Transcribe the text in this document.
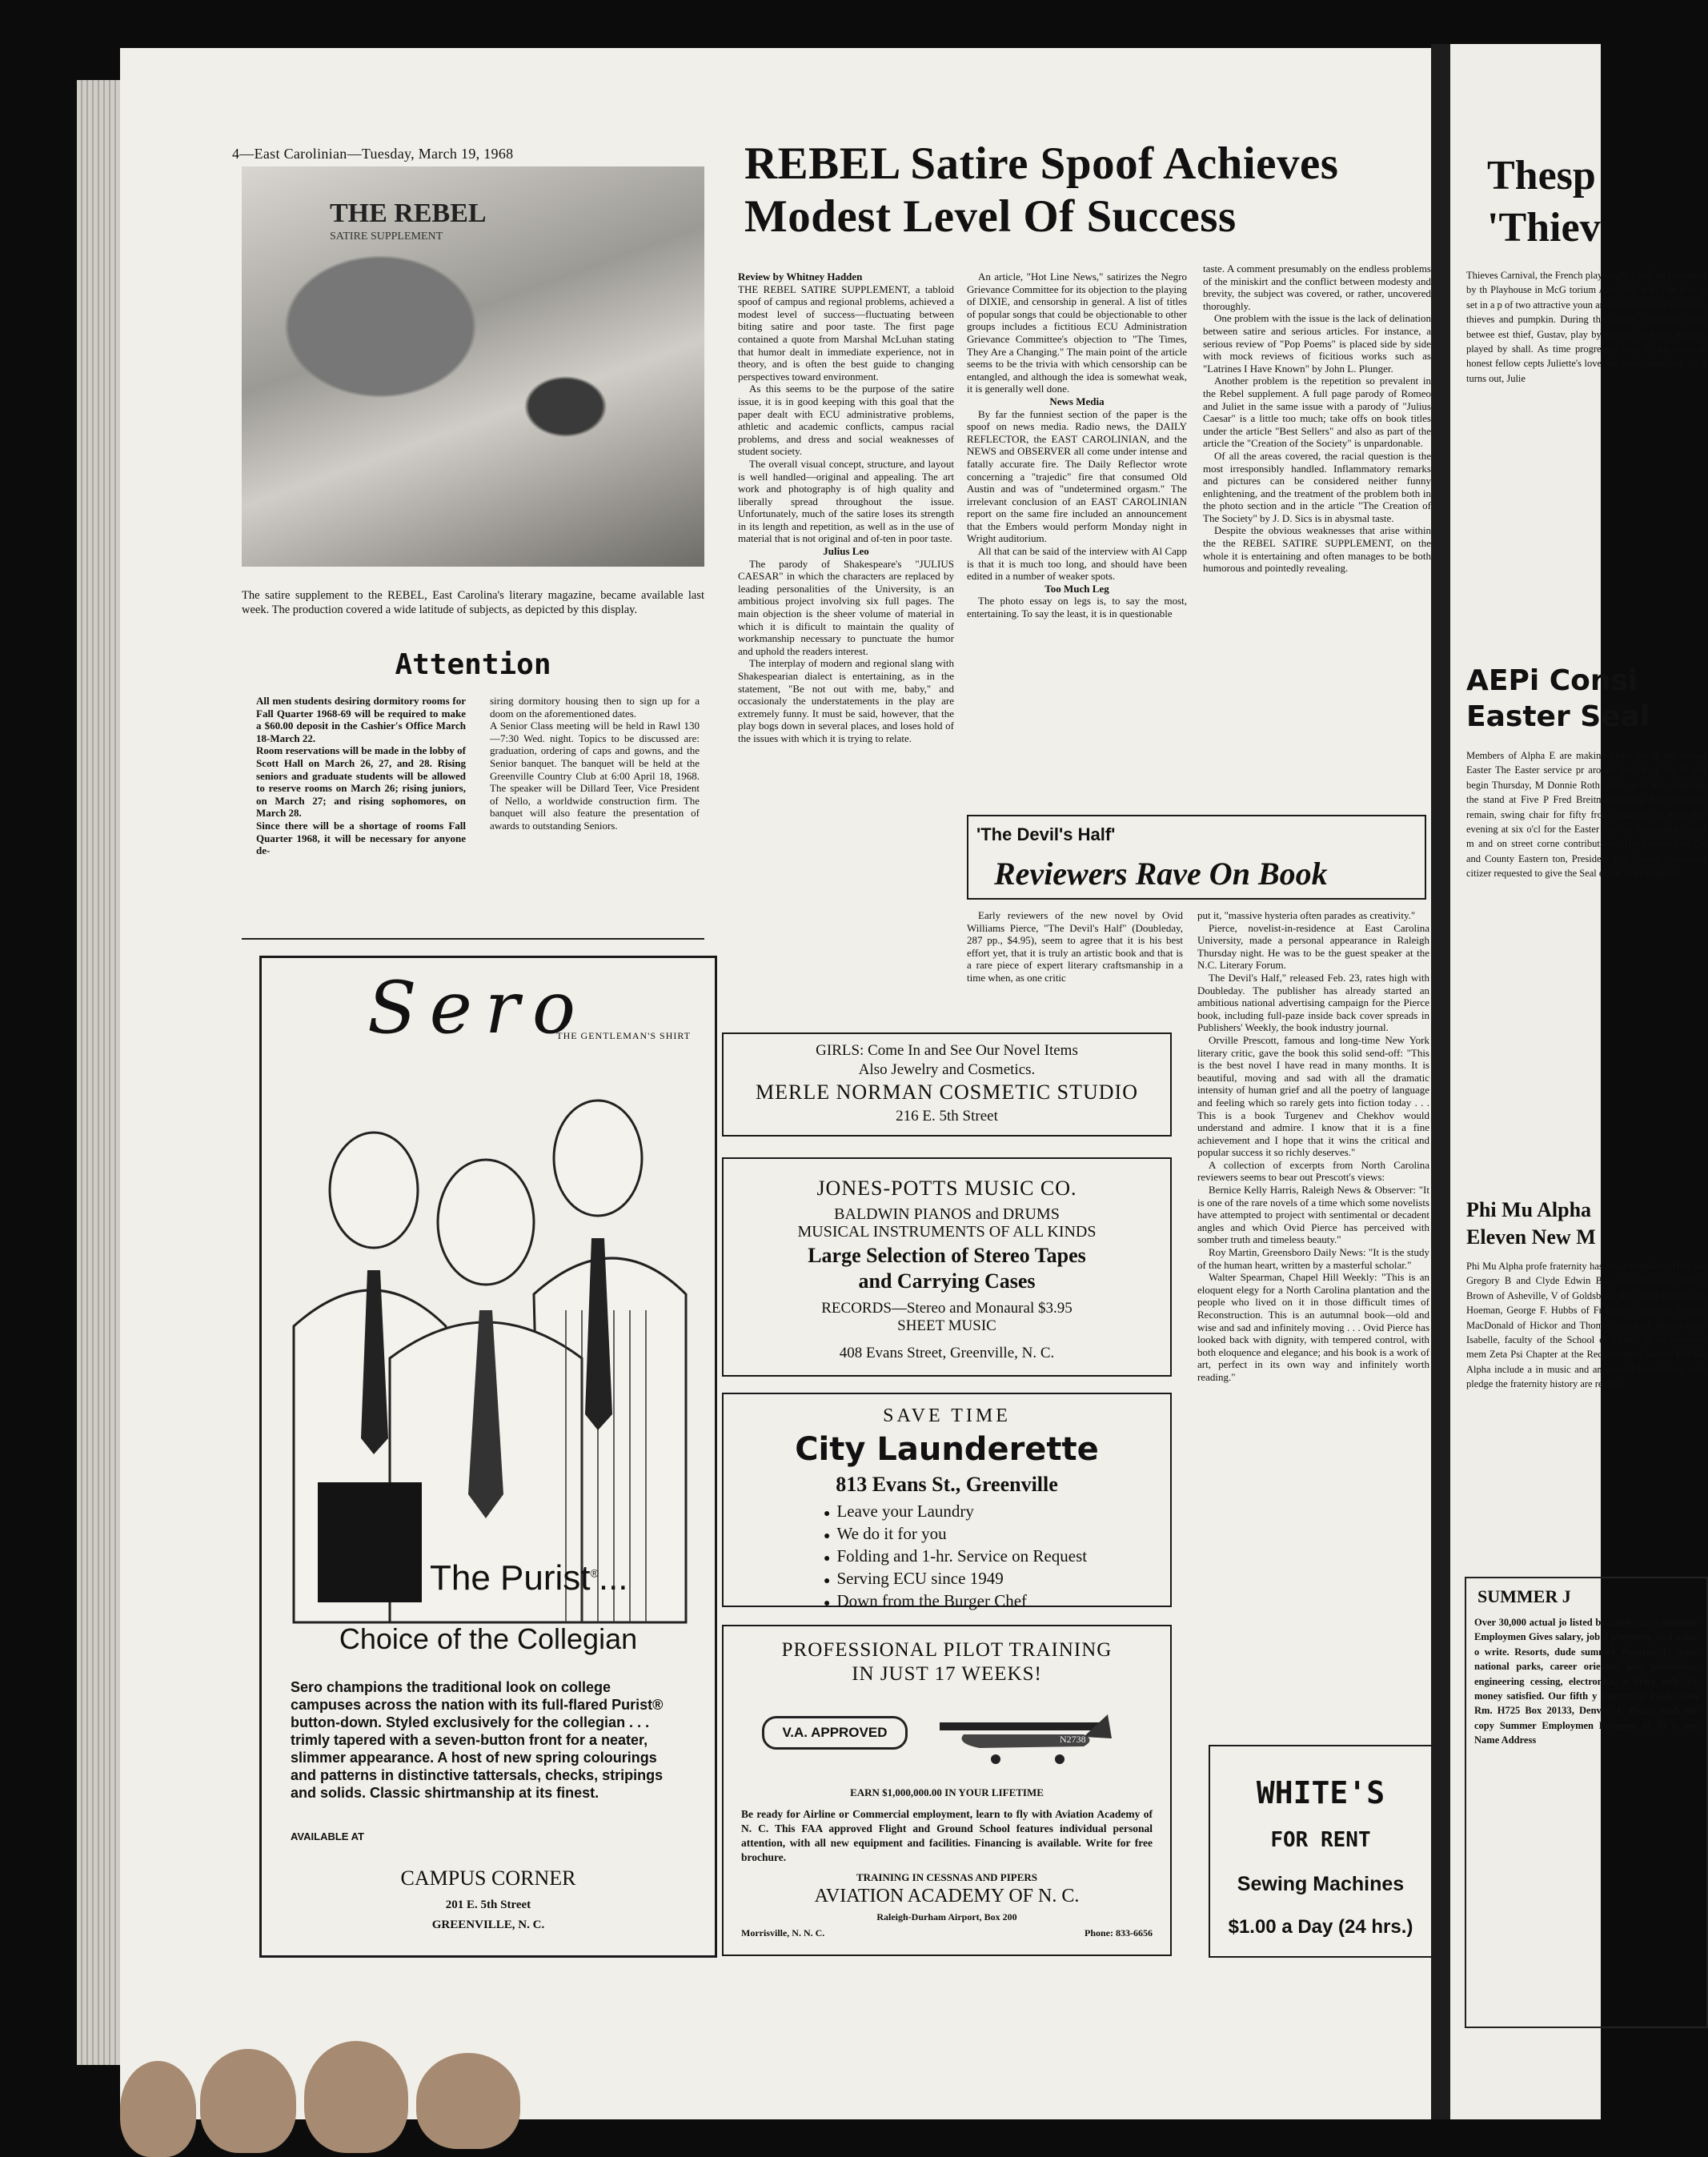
4—East Carolinian—Tuesday, March 19, 1968
THE REBEL
SATIRE SUPPLEMENT
The satire supplement to the REBEL, East Carolina's literary magazine, became available last week. The production covered a wide latitude of subjects, as depicted by this display.
Attention

All men students desiring dormitory rooms for Fall Quarter 1968-69 will be required to make a $60.00 deposit in the Cashier's Office March 18-March 22.

Room reservations will be made in the lobby of Scott Hall on March 26, 27, and 28. Rising seniors and graduate students will be allowed to reserve rooms on March 26; rising juniors, on March 27; and rising sophomores, on March 28.

Since there will be a shortage of rooms Fall Quarter 1968, it will be necessary for anyone de-

siring dormitory housing then to sign up for a doom on the aforementioned dates.

A Senior Class meeting will be held in Rawl 130—7:30 Wed. night. Topics to be discussed are: graduation, ordering of caps and gowns, and the Senior banquet. The banquet will be held at the Greenville Country Club at 6:00 April 18, 1968. The speaker will be Dillard Teer, Vice President of Nello, a worldwide construction firm. The banquet will also feature the presentation of awards to outstanding Seniors.

Sero
THE GENTLEMAN'S SHIRT
The Purist®...
Choice of the Collegian
Sero champions the traditional look on college campuses across the nation with its full-flared Purist® button-down. Styled exclusively for the collegian . . . trimly tapered with a seven-button front for a neater, slimmer appearance. A host of new spring colourings and patterns in distinctive tattersals, checks, stripings and solids. Classic shirtmanship at its finest.
AVAILABLE AT
CAMPUS CORNER
201 E. 5th Street
GREENVILLE, N. C.
REBEL Satire Spoof Achieves
Modest Level Of Success

Review by Whitney Hadden

THE REBEL SATIRE SUPPLEMENT, a tabloid spoof of campus and regional problems, achieved a modest level of success—fluctuating between biting satire and poor taste. The first page contained a quote from Marshal McLuhan stating that humor dealt in immediate experience, not in theory, and is often the best guide to changing perspectives toward environment.

As this seems to be the purpose of the satire issue, it is in good keeping with this goal that the paper dealt with ECU administrative problems, athletic and academic conflicts, campus racial problems, and dress and social weaknesses of student society.

The overall visual concept, structure, and layout is well handled—original and appealing. The art work and photography is of high quality and liberally spread throughout the issue. Unfortunately, much of the satire loses its strength in its length and repetition, as well as in the use of material that is not original and of-ten in poor taste.

Julius Leo

The parody of Shakespeare's "JULIUS CAESAR" in which the characters are replaced by leading personalities of the University, is an ambitious project involving six full pages. The main objection is the sheer volume of material in which it is dificult to maintain the quality of workmanship necessary to punctuate the humor and uphold the readers interest.

The interplay of modern and regional slang with Shakespearian dialect is entertaining, as in the statement, "Be not out with me, baby," and occasionaly the understatements in the play are extremely funny. It must be said, however, that the play bogs down in several places, and loses hold of the issues with which it is trying to relate.

An article, "Hot Line News," satirizes the Negro Grievance Committee for its objection to the playing of DIXIE, and censorship in general. A list of titles of popular songs that could be objectionable to other groups includes a fictitious ECU Administration Grievance Committee's objection to "The Times, They Are a Changing." The main point of the article seems to be the trivia with which censorship can be entangled, and although the idea is somewhat weak, it is generally well done.

News Media

By far the funniest section of the paper is the spoof on news media. Radio news, the DAILY REFLECTOR, the EAST CAROLINIAN, and the NEWS and OBSERVER all come under intense and fatally accurate fire. The Daily Reflector wrote concerning a "trajedic" fire that consumed Old Austin and was of "undetermined orgasm." The irrelevant conclusion of an EAST CAROLINIAN report on the same fire included an announcement that the Embers would perform Monday night in Wright auditorium.

All that can be said of the interview with Al Capp is that it is much too long, and should have been edited in a number of weaker spots.

Too Much Leg

The photo essay on legs is, to say the most, entertaining. To say the least, it is in questionable

taste. A comment presumably on the endless problems of the miniskirt and the conflict between modesty and brevity, the subject was covered, or rather, uncovered thoroughly.

One problem with the issue is the lack of delination between satire and serious articles. For instance, a serious review of "Pop Poems" is placed side by side with mock reviews of ficitious works such as "Latrines I Have Known" by John L. Plunger.

Another problem is the repetition so prevalent in the Rebel supplement. A full page parody of Romeo and Juliet in the same issue with a parody of "Julius Caesar" is a little too much; take offs on book titles under the article "Best Sellers" and also as part of the article the "Creation of the Society" is unpardonable.

Of all the areas covered, the racial question is the most irresponsibly handled. Inflammatory remarks and pictures can be considered neither funny enlightening, and the treatment of the problem both in the photo section and in the article "The Creation of The Society" by J. D. Sics is in abysmal taste.

Despite the obvious weaknesses that arise within the the REBEL SATIRE SUPPLEMENT, on the whole it is entertaining and often manages to be both humorous and pointedly revealing.

'The Devil's Half'
Reviewers Rave On Book

Early reviewers of the new novel by Ovid Williams Pierce, "The Devil's Half" (Doubleday, 287 pp., $4.95), seem to agree that it is his best effort yet, that it is truly an artistic book and that is a rare piece of expert literary craftsmanship in a time when, as one critic

put it, "massive hysteria often parades as creativity."

Pierce, novelist-in-residence at East Carolina University, made a personal appearance in Raleigh Thursday night. He was to be the guest speaker at the N.C. Literary Forum.

The Devil's Half," released Feb. 23, rates high with Doubleday. The publisher has already started an ambitious national advertising campaign for the Pierce book, including full-paze inside back cover spreads in Publishers' Weekly, the book industry journal.

Orville Prescott, famous and long-time New York literary critic, gave the book this solid send-off: "This is the best novel I have read in many months. It is beautiful, moving and sad with all the dramatic intensity of human grief and all the poetry of language and feeling which so rarely gets into fiction today . . . This is a book Turgenev and Chekhov would understand and admire. I know that it is a fine achievement and I hope that it wins the critical and popular success it so richly deserves."

A collection of excerpts from North Carolina reviewers seems to bear out Prescott's views:

Bernice Kelly Harris, Raleigh News & Observer: "It is one of the rare novels of a time which some novelists have attempted to project with sentimental or decadent angles and which Ovid Pierce has perceived with somber truth and timeless beauty."

Roy Martin, Greensboro Daily News: "It is the study of the human heart, written by a masterful scholar."

Walter Spearman, Chapel Hill Weekly: "This is an eloquent elegy for a North Carolina plantation and the people who lived on it in those difficult times of Reconstruction. This is an autumnal book—old and wise and sad and infinitely moving . . . Ovid Pierce has looked back with dignity, with tempered control, with both eloquence and elegance; and his book is a work of art, perfect in its own way and infinitely worth reading."

GIRLS: Come In and See Our Novel Items
Also Jewelry and Cosmetics.
MERLE NORMAN COSMETIC STUDIO
216 E. 5th Street
JONES-POTTS MUSIC CO.
BALDWIN PIANOS and DRUMS
MUSICAL INSTRUMENTS OF ALL KINDS
Large Selection of Stereo Tapes
and Carrying Cases
RECORDS—Stereo and Monaural $3.95
SHEET MUSIC
408 Evans Street, Greenville, N. C.
SAVE TIME
City Launderette
813 Evans St., Greenville
● Leave your Laundry
● We do it for you
● Folding and 1-hr. Service on Request
● Serving ECU since 1949
● Down from the Burger Chef
PROFESSIONAL PILOT TRAINING
IN JUST 17 WEEKS!
V.A. APPROVED	N2738
EARN $1,000,000.00 IN YOUR LIFETIME
Be ready for Airline or Commercial employment, learn to fly with Aviation Academy of N. C. This FAA approved Flight and Ground School features individual personal attention, with all new equipment and facilities. Financing is available. Write for free brochure.
TRAINING IN CESSNAS AND PIPERS
AVIATION ACADEMY OF N. C.
Raleigh-Durham Airport, Box 200
Morrisville, N. N. C.	Phone: 833-6656
WHITE'S
FOR RENT
Sewing Machines
$1.00 a Day (24 hrs.)
Thesp
'Thiev
Thieves Carnival, the French playwright J will be presented by th Playhouse in McG torium April 3-6 at 8: The play is set in a p of two attractive youn are being invaded by timate thieves and pumpkin. During the course a romance buds betwee est thief, Gustav, play by Bowen, and one Juliette, played by shall. As time progresses ered by his cons an honest fellow cepts Juliette's love, his boss's daughter. As it turns out, Julie
AEPi Consi
Easter Seal
Members of Alpha E are making plans for at the annual Easter The Easter service pr around the Clock for D will begin Thursday, M Donnie Roth serves a of the campaign the stand at Five P Fred Breitman testing have plans to remain, swing chair for fifty from Thursday at noon day evening at six o'cl for the Easter Seal ca Meanwhile, other m and on street corne contributions. The presence of Ge and County Eastern ton, President Leo J other prominent citizer requested to give the Seal effort at its beginnin
Phi Mu Alpha
Eleven New M
Phi Mu Alpha profe fraternity has initia members. They are Gregory B and Clyde Edwin Bro Gene Nelson, Neil B Brown of Asheville, V of Goldsboro; Roy Davi Richard H. Hoeman, George F. Hubbs of Fr Dennis Jones of Washin MacDonald of Hickor and Thomas Secor of Richm Gene Isabelle, faculty of the School of Music, w an honorary mem Zeta Psi Chapter at the Requirements for me Phi Mu Alpha include a in music and an overall In addition, each pledge the fraternity history are recital.
SUMMER J
Over 30,000 actual jo listed by employers i Summer Employmen Gives salary, job d ployment, and name o write. Resorts, dude summer theatres, U tions, national parks, career oriented jobs publishing, engineering cessing, electronics, a Price only $3, money satisfied. Our fifth y University Publication Rm. H725 Box 20133, Denver, C Please rush my copy Summer Employmen Payment of $3 is enc Name Address
